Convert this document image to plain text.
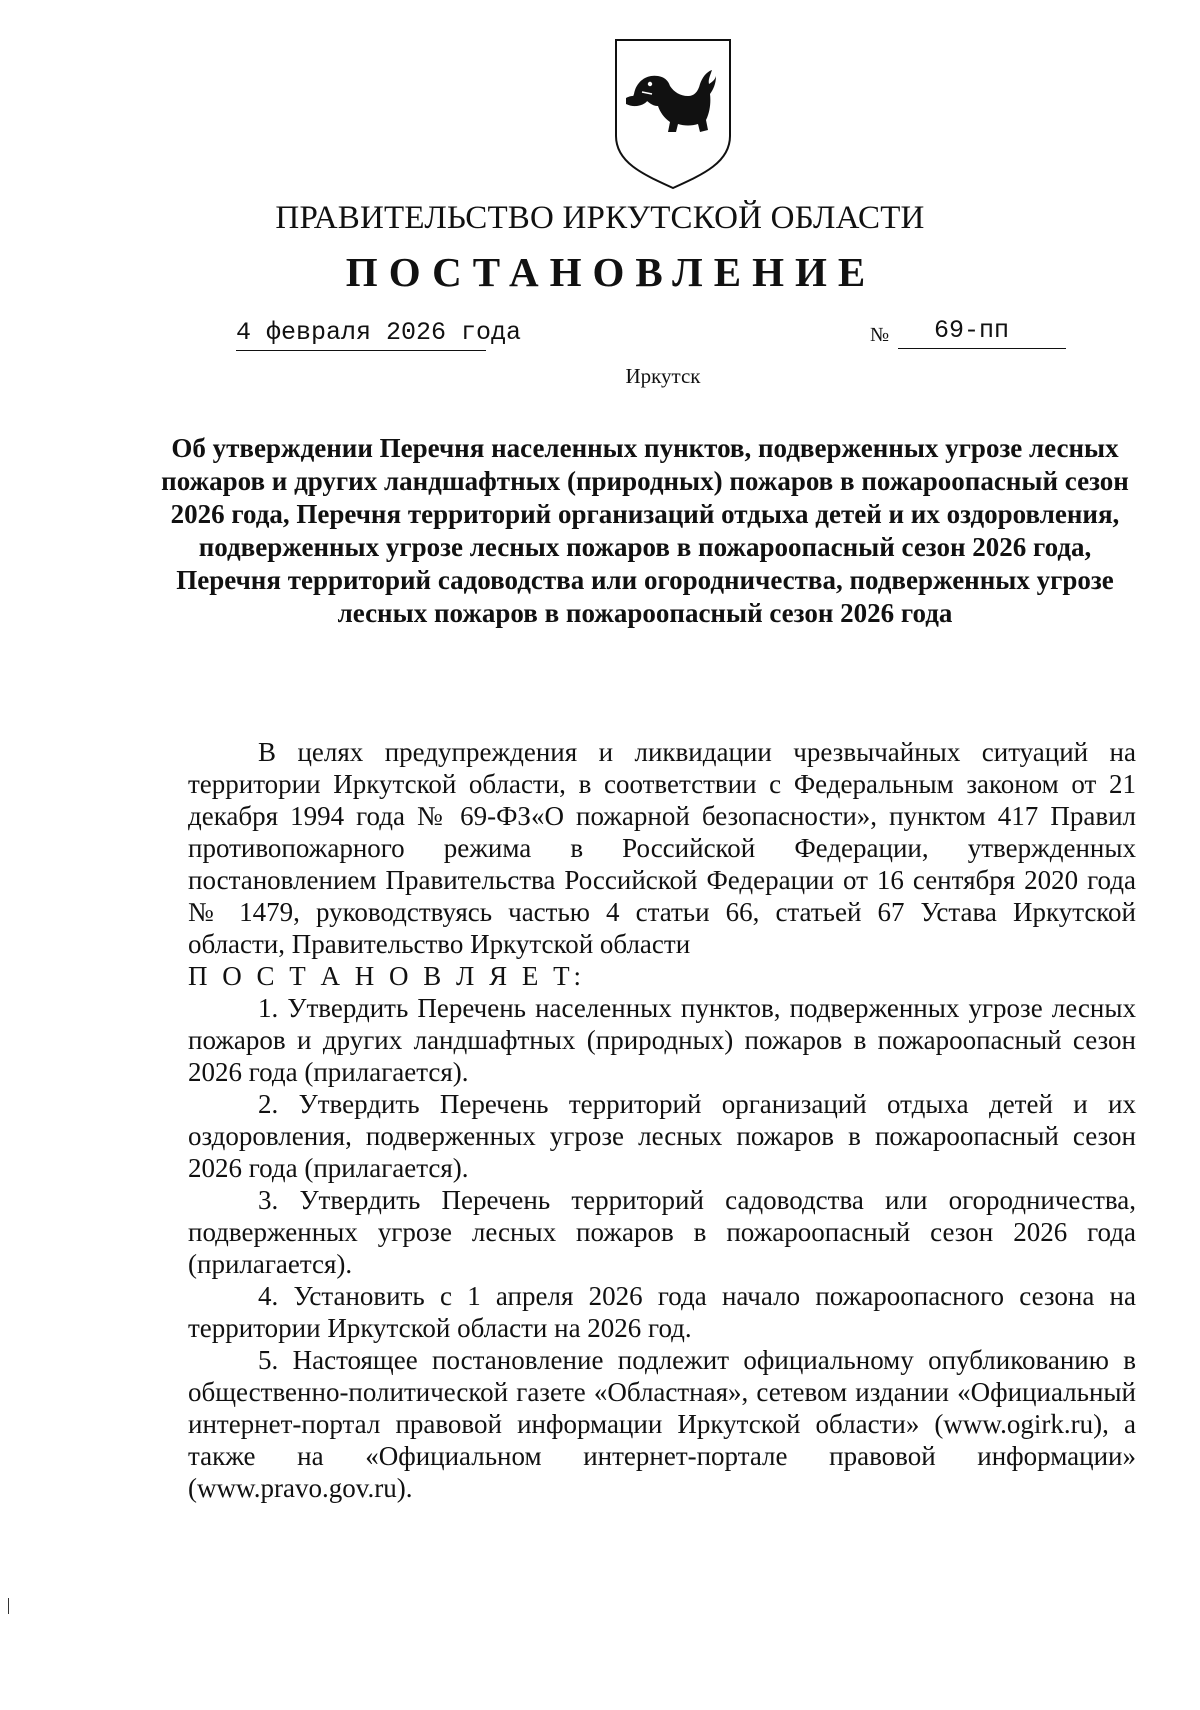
ПРАВИТЕЛЬСТВО ИРКУТСКОЙ ОБЛАСТИ
ПОСТАНОВЛЕНИЕ
4 февраля 2026 года	№ 69-пп
Иркутск
Об утверждении Перечня населенных пунктов, подверженных угрозе лесных пожаров и других ландшафтных (природных) пожаров в пожароопасный сезон 2026 года, Перечня территорий организаций отдыха детей и их оздоровления, подверженных угрозе лесных пожаров в пожароопасный сезон 2026 года, Перечня территорий садоводства или огородничества, подверженных угрозе лесных пожаров в пожароопасный сезон 2026 года

В целях предупреждения и ликвидации чрезвычайных ситуаций на территории Иркутской области, в соответствии с Федеральным законом от 21 декабря 1994 года № 69-ФЗ«О пожарной безопасности», пунктом 417 Правил противопожарного режима в Российской Федерации, утвержденных постановлением Правительства Российской Федерации от 16 сентября 2020 года № 1479, руководствуясь частью 4 статьи 66, статьей 67 Устава Иркутской области, Правительство Иркутской области

П О С Т А Н О В Л Я Е Т:

1. Утвердить Перечень населенных пунктов, подверженных угрозе лесных пожаров и других ландшафтных (природных) пожаров в пожароопасный сезон 2026 года (прилагается).

2. Утвердить Перечень территорий организаций отдыха детей и их оздоровления, подверженных угрозе лесных пожаров в пожароопасный сезон 2026 года (прилагается).

3. Утвердить Перечень территорий садоводства или огородничества, подверженных угрозе лесных пожаров в пожароопасный сезон 2026 года (прилагается).

4. Установить с 1 апреля 2026 года начало пожароопасного сезона на территории Иркутской области на 2026 год.

5. Настоящее постановление подлежит официальному опубликованию в общественно-политической газете «Областная», сетевом издании «Официальный интернет-портал правовой информации Иркутской области» (www.ogirk.ru), а также на «Официальном интернет-портале правовой информации» (www.pravo.gov.ru).
